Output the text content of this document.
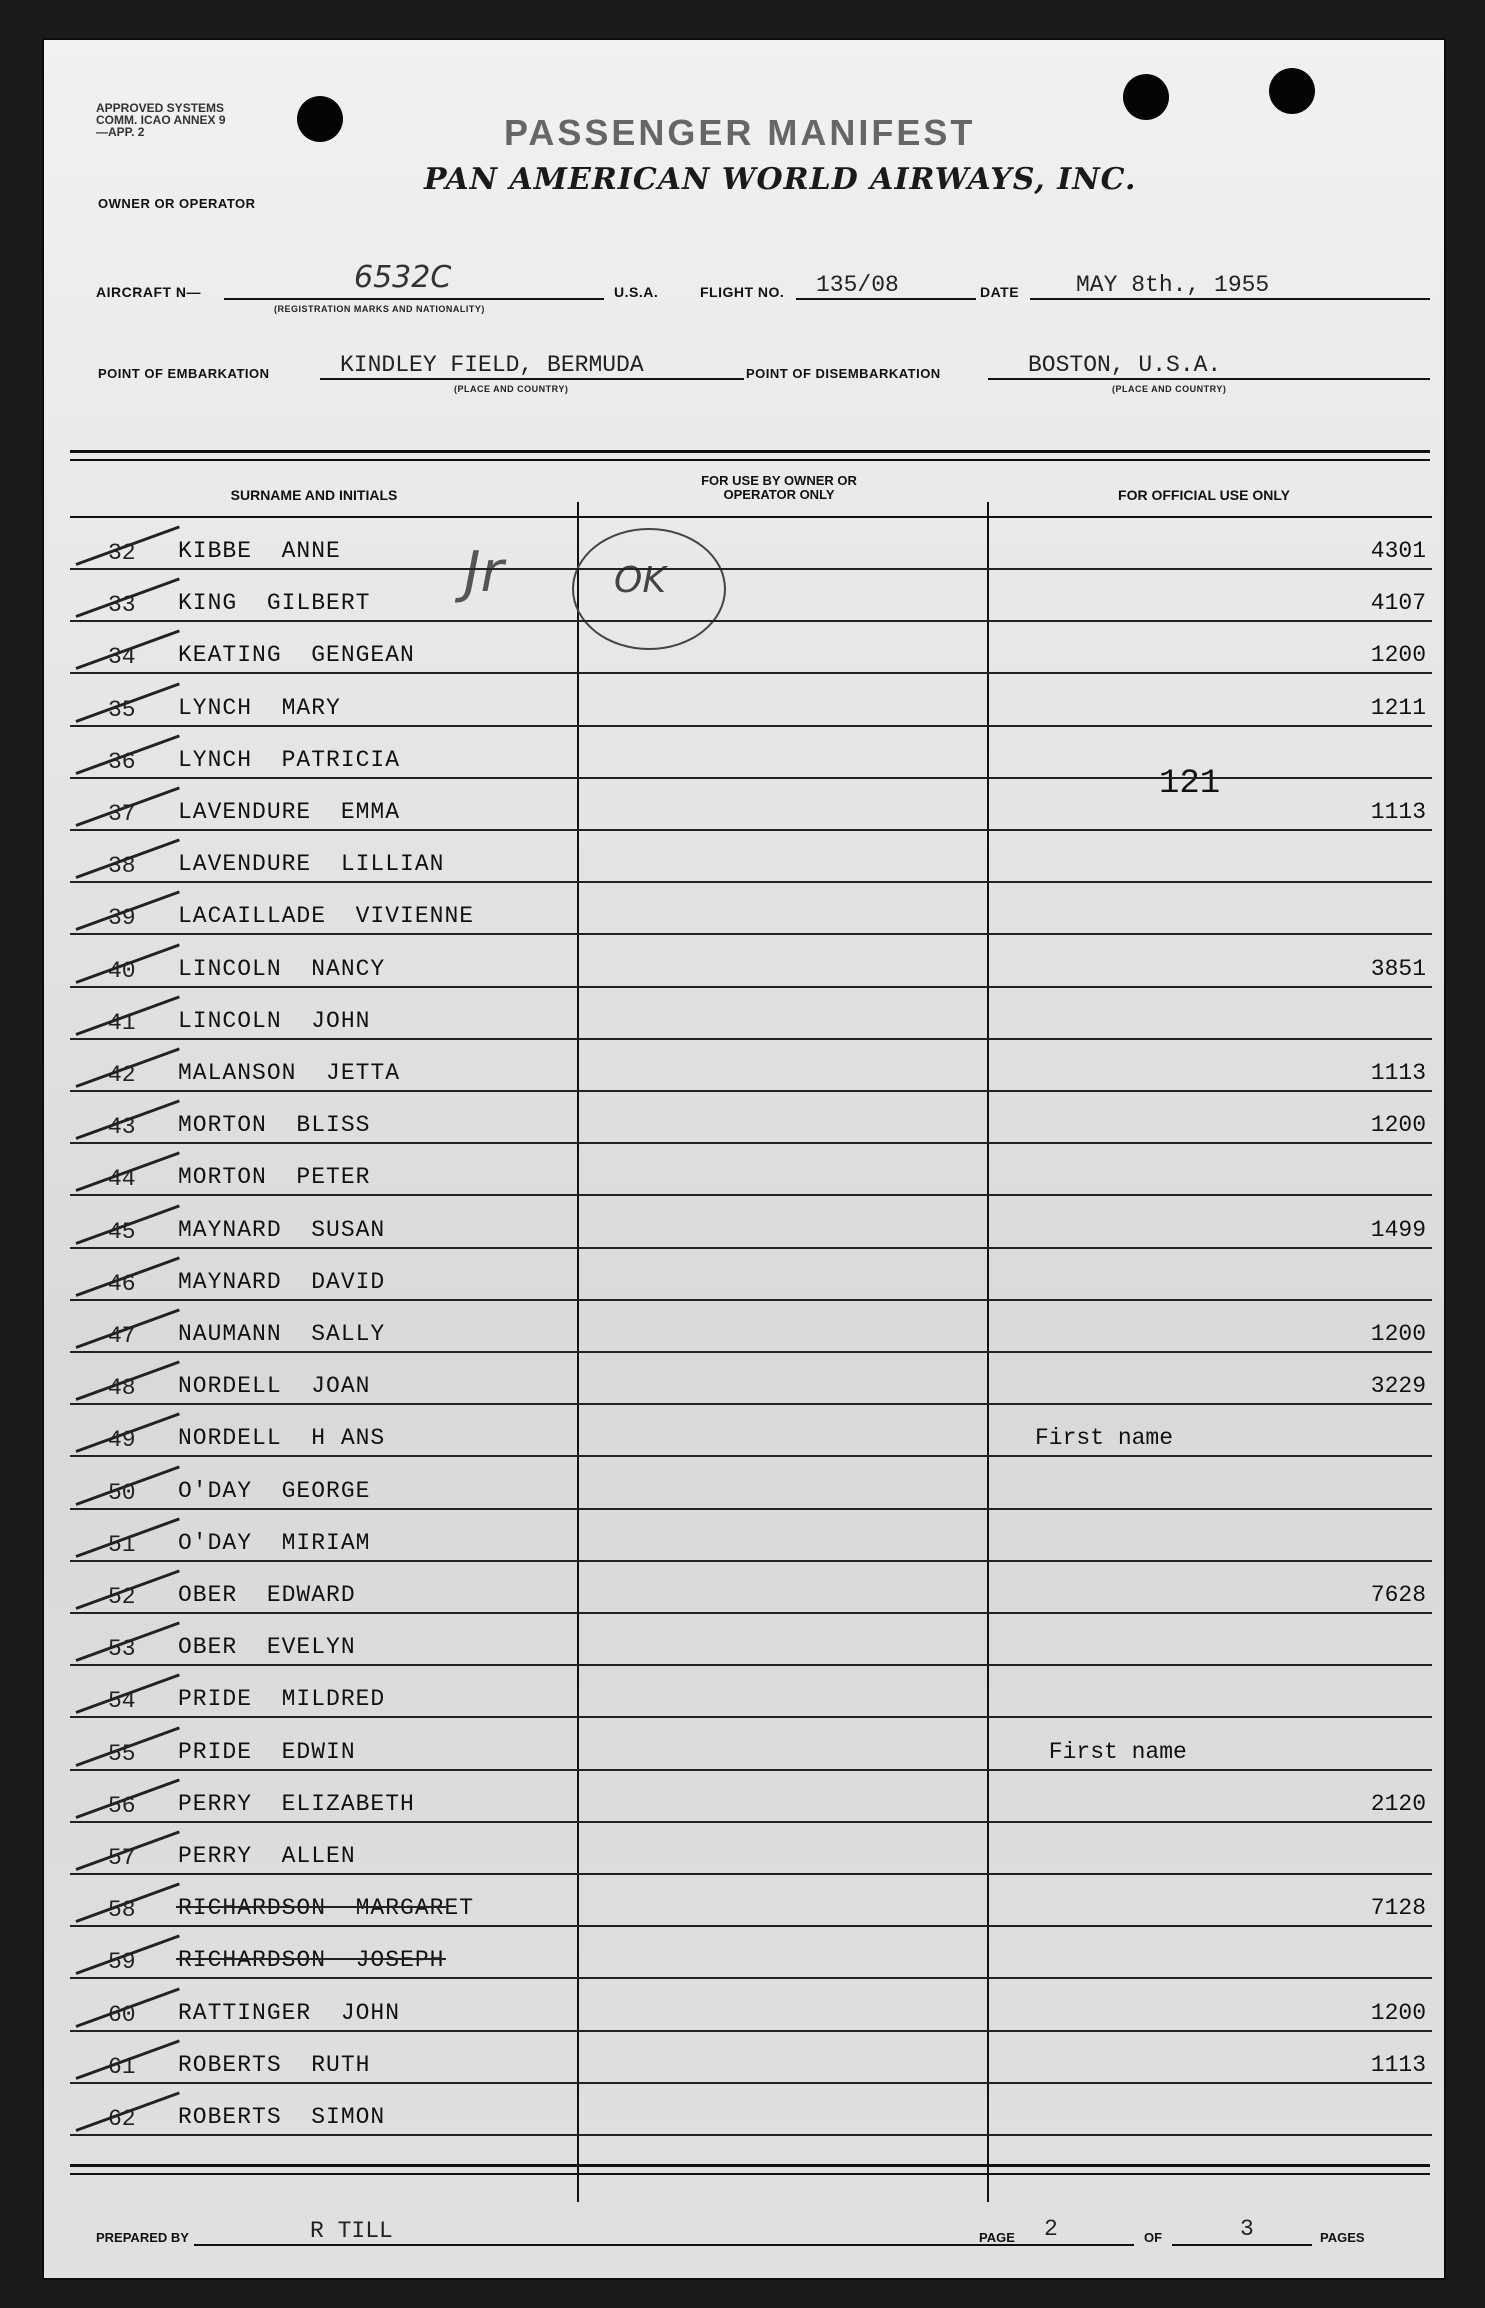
APPROVED SYSTEMS COMM. ICAO ANNEX 9—APP. 2	PASSENGER MANIFEST
OWNER OR OPERATOR
PAN AMERICAN WORLD AIRWAYS, INC.
AIRCRAFT N—	6532C
(REGISTRATION MARKS AND NATIONALITY)
U.S.A.	FLIGHT NO. 135/08	DATE MAY 8th., 1955
POINT OF EMBARKATION	KINDLEY FIELD, BERMUDA
(PLACE AND COUNTRY)
POINT OF DISEMBARKATION	BOSTON, U.S.A.
(PLACE AND COUNTRY)
SURNAME AND INITIALS
FOR USE BY OWNER OR OPERATOR ONLY	FOR OFFICIAL USE ONLY
Jr	OK
121
32 KIBBE  ANNE	4301
33 KING  GILBERT	4107
34 KEATING  GENGEAN	1200
35 LYNCH  MARY	1211
36 LYNCH  PATRICIA
37 LAVENDURE  EMMA	1113
38 LAVENDURE  LILLIAN
39 LACAILLADE  VIVIENNE
40 LINCOLN  NANCY	3851
41 LINCOLN  JOHN
42 MALANSON  JETTA	1113
43 MORTON  BLISS	1200
44 MORTON  PETER
45 MAYNARD  SUSAN	1499
46 MAYNARD  DAVID
47 NAUMANN  SALLY	1200
48 NORDELL  JOAN	3229
49 NORDELL  H ANS	First name
50 O'DAY  GEORGE
51 O'DAY  MIRIAM
52 OBER  EDWARD	7628
53 OBER  EVELYN
54 PRIDE  MILDRED
55 PRIDE  EDWIN	First name
56 PERRY  ELIZABETH	2120
57 PERRY  ALLEN
58 RICHARDSON  MARGARET	7128
59 RICHARDSON  JOSEPH
60 RATTINGER  JOHN	1200
61 ROBERTS  RUTH	1113
62 ROBERTS  SIMON
PREPARED BY	R TILL	PAGE 2	OF	3	PAGES
